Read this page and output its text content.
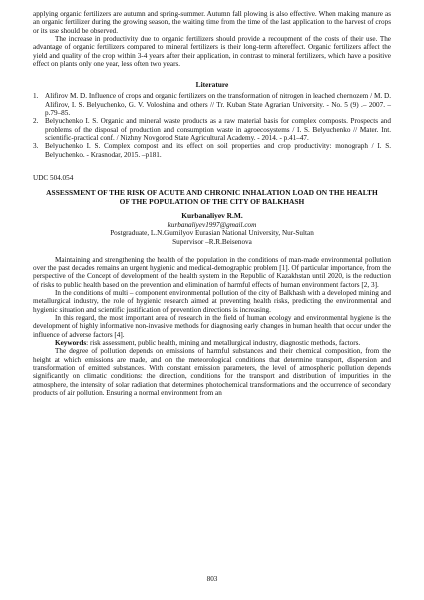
applying organic fertilizers are autumn and spring-summer. Autumn fall plowing is also effective. When making manure as an organic fertilizer during the growing season, the waiting time from the time of the last application to the harvest of crops or its use should be observed.

The increase in productivity due to organic fertilizers should provide a recoupment of the costs of their use. The advantage of organic fertilizers compared to mineral fertilizers is their long-term aftereffect. Organic fertilizers affect the yield and quality of the crop within 3-4 years after their application, in contrast to mineral fertilizers, which have a positive effect on plants only one year, less often two years.

Literature
1. Alifirov M. D. Influence of crops and organic fertilizers on the transformation of nitrogen in leached chernozem / M. D. Alifirov, I. S. Belyuchenko, G. V. Voloshina and others // Tr. Kuban State Agrarian University. - No. 5 (9) .– 2007. –p.79–85.
2. Belyuchenko I. S. Organic and mineral waste products as a raw material basis for complex composts. Prospects and problems of the disposal of production and consumption waste in agroecosystems / I. S. Belyuchenko // Mater. Int. scientific-practical conf. / Nizhny Novgorod State Agricultural Academy. - 2014. - p.41–47.
3. Belyuchenko I. S. Complex compost and its effect on soil properties and crop productivity: monograph / I. S. Belyuchenko. - Krasnodar, 2015. –p181.
UDC 504.054
ASSESSMENT OF THE RISK OF ACUTE AND CHRONIC INHALATION LOAD ON THE HEALTH OF THE POPULATION OF THE CITY OF BALKHASH

Kurbanaliyev R.M.

kurbanaliyev1997@gmail.com

Postgraduate, L.N.Gumilyov Eurasian National University, Nur-Sultan

Supervisor –R.R.Beisenova

Maintaining and strengthening the health of the population in the conditions of man-made environmental pollution over the past decades remains an urgent hygienic and medical-demographic problem [1]. Of particular importance, from the perspective of the Concept of development of the health system in the Republic of Kazakhstan until 2020, is the reduction of risks to public health based on the prevention and elimination of harmful effects of human environment factors [2, 3].

In the conditions of multi – component environmental pollution of the city of Balkhash with a developed mining and metallurgical industry, the role of hygienic research aimed at preventing health risks, predicting the environmental and hygienic situation and scientific justification of prevention directions is increasing.

In this regard, the most important area of research in the field of human ecology and environmental hygiene is the development of highly informative non-invasive methods for diagnosing early changes in human health that occur under the influence of adverse factors [4].

Keywords: risk assessment, public health, mining and metallurgical industry, diagnostic methods, factors.

The degree of pollution depends on emissions of harmful substances and their chemical composition, from the height at which emissions are made, and on the meteorological conditions that determine transport, dispersion and transformation of emitted substances. With constant emission parameters, the level of atmospheric pollution depends significantly on climatic conditions: the direction, conditions for the transport and distribution of impurities in the atmosphere, the intensity of solar radiation that determines photochemical transformations and the occurrence of secondary products of air pollution. Ensuring a normal environment from an

803
